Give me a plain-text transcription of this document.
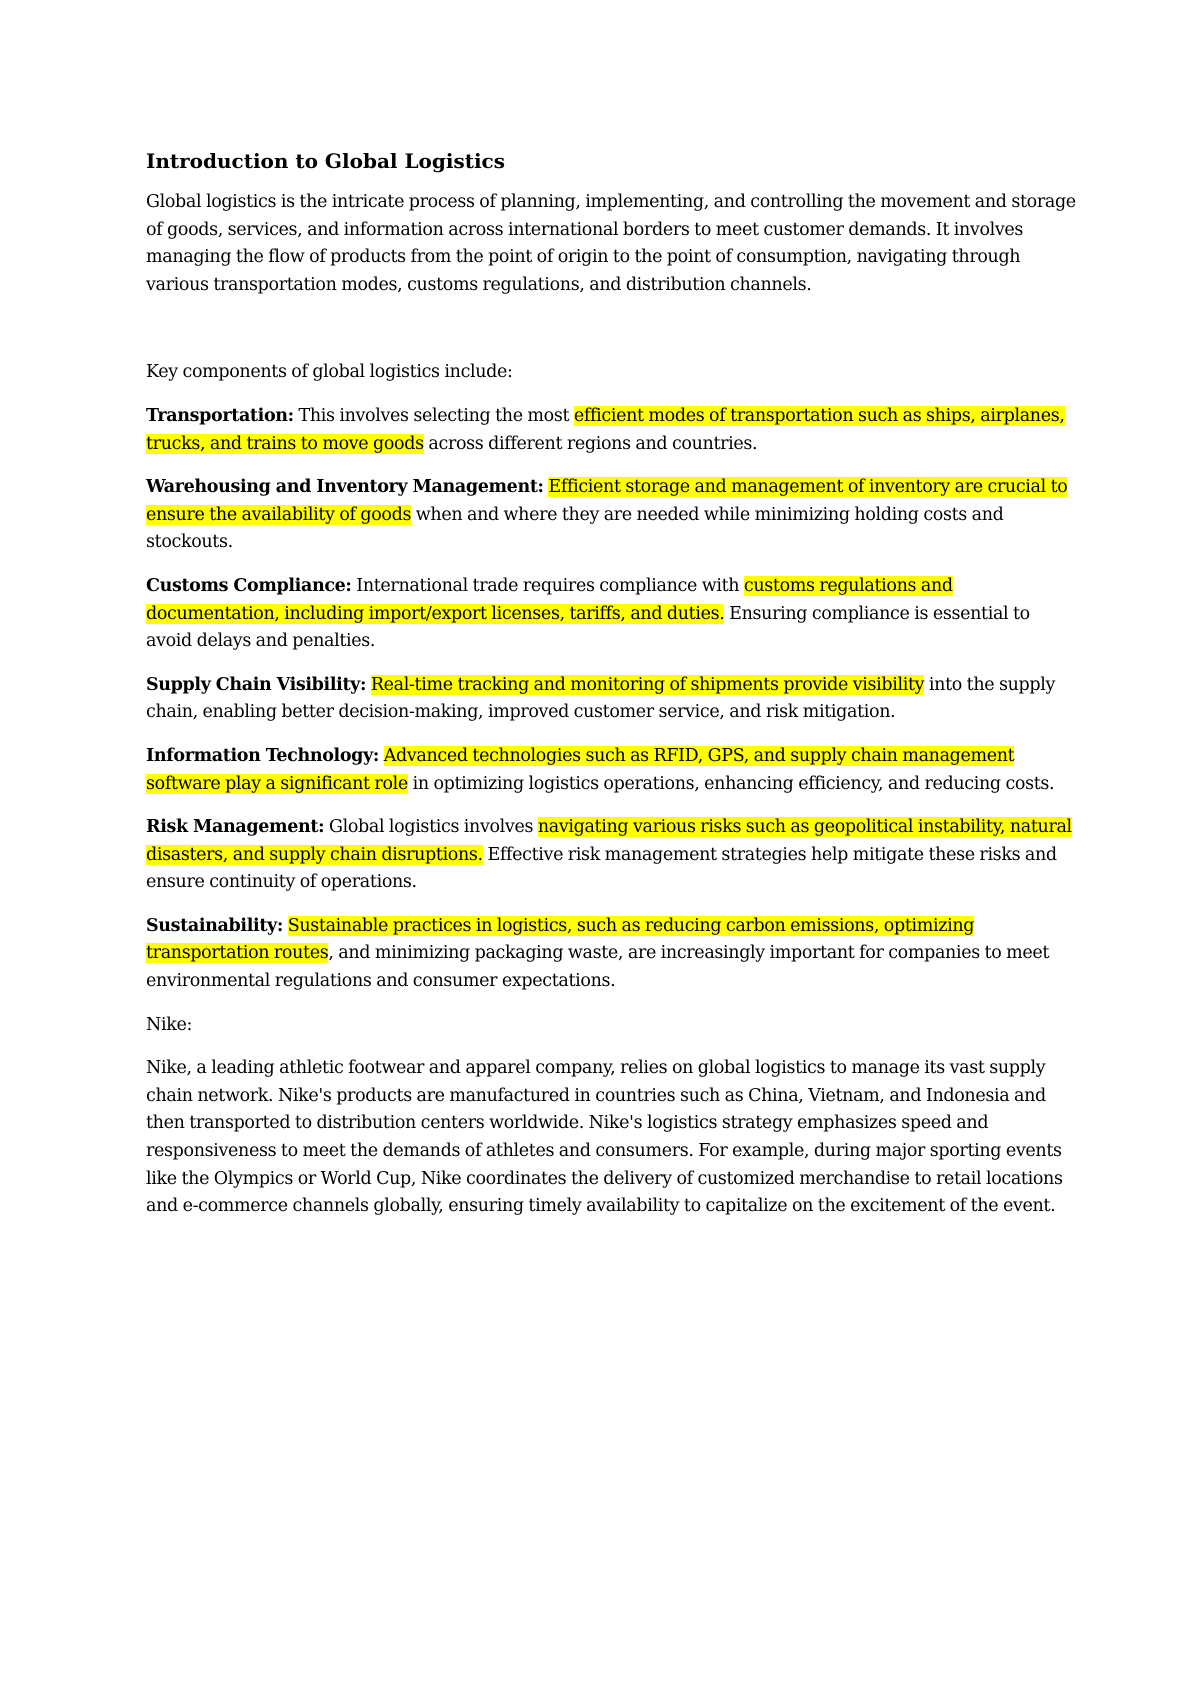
Introduction to Global Logistics

Global logistics is the intricate process of planning, implementing, and controlling the movement and storage of goods, services, and information across international borders to meet customer demands. It involves managing the flow of products from the point of origin to the point of consumption, navigating through various transportation modes, customs regulations, and distribution channels.

Key components of global logistics include:

Transportation: This involves selecting the most efficient modes of transportation such as ships, airplanes, trucks, and trains to move goods across different regions and countries.

Warehousing and Inventory Management: Efficient storage and management of inventory are crucial to ensure the availability of goods when and where they are needed while minimizing holding costs and stockouts.

Customs Compliance: International trade requires compliance with customs regulations and documentation, including import/export licenses, tariffs, and duties. Ensuring compliance is essential to avoid delays and penalties.

Supply Chain Visibility: Real-time tracking and monitoring of shipments provide visibility into the supply chain, enabling better decision-making, improved customer service, and risk mitigation.

Information Technology: Advanced technologies such as RFID, GPS, and supply chain management software play a significant role in optimizing logistics operations, enhancing efficiency, and reducing costs.

Risk Management: Global logistics involves navigating various risks such as geopolitical instability, natural disasters, and supply chain disruptions. Effective risk management strategies help mitigate these risks and ensure continuity of operations.

Sustainability: Sustainable practices in logistics, such as reducing carbon emissions, optimizing transportation routes, and minimizing packaging waste, are increasingly important for companies to meet environmental regulations and consumer expectations.

Nike:

Nike, a leading athletic footwear and apparel company, relies on global logistics to manage its vast supply chain network. Nike's products are manufactured in countries such as China, Vietnam, and Indonesia and then transported to distribution centers worldwide. Nike's logistics strategy emphasizes speed and responsiveness to meet the demands of athletes and consumers. For example, during major sporting events like the Olympics or World Cup, Nike coordinates the delivery of customized merchandise to retail locations and e-commerce channels globally, ensuring timely availability to capitalize on the excitement of the event.
